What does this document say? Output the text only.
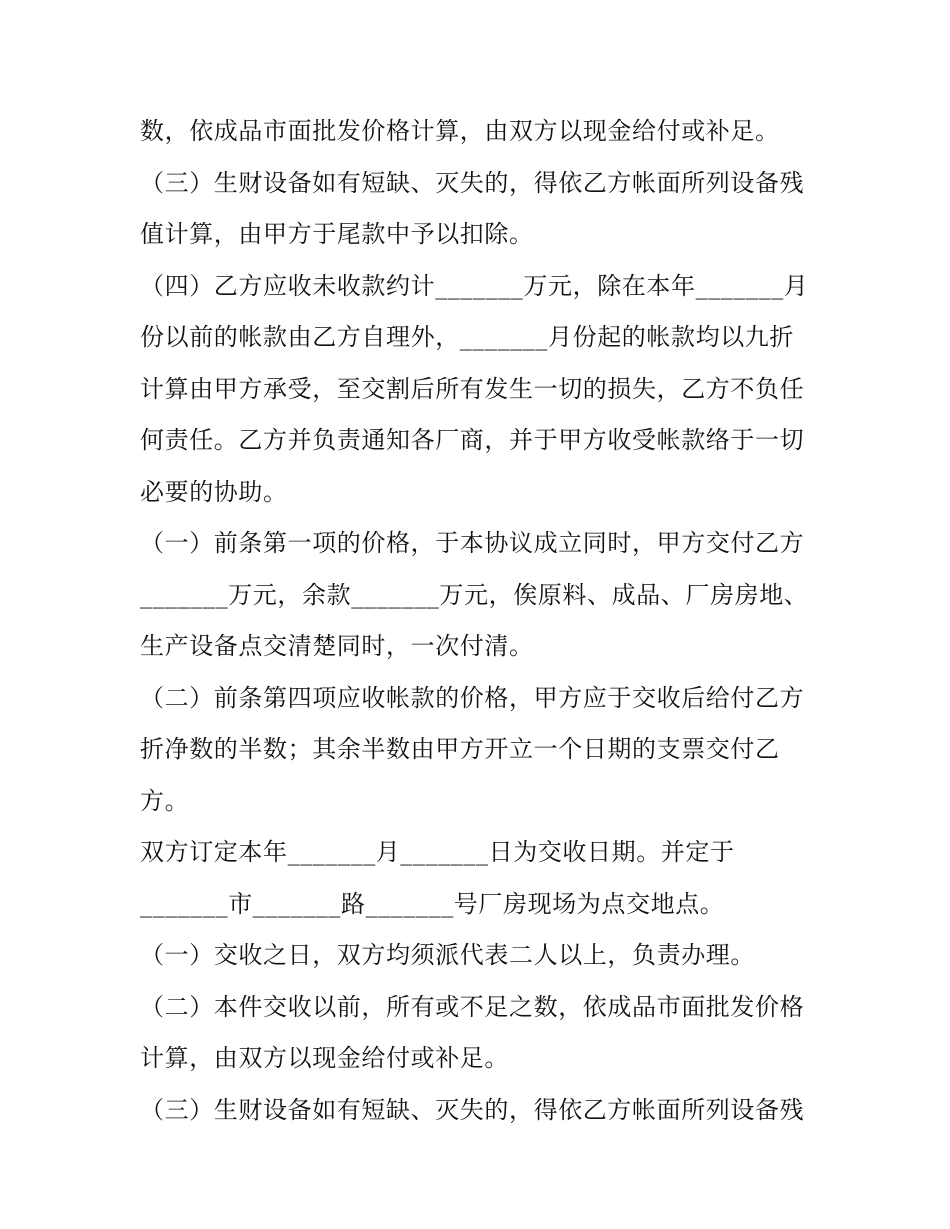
数，依成品市面批发价格计算，由双方以现金给付或补足。
（三）生财设备如有短缺、灭失的，得依乙方帐面所列设备残
值计算，由甲方于尾款中予以扣除。
（四）乙方应收未收款约计_______万元，除在本年_______月
份以前的帐款由乙方自理外，_______月份起的帐款均以九折
计算由甲方承受，至交割后所有发生一切的损失，乙方不负任
何责任。乙方并负责通知各厂商，并于甲方收受帐款络于一切
必要的协助。
（一）前条第一项的价格，于本协议成立同时，甲方交付乙方
_______万元，余款_______万元，俟原料、成品、厂房房地、
生产设备点交清楚同时，一次付清。
（二）前条第四项应收帐款的价格，甲方应于交收后给付乙方
折净数的半数；其余半数由甲方开立一个日期的支票交付乙
方。
双方订定本年_______月_______日为交收日期。并定于
_______市_______路_______号厂房现场为点交地点。
（一）交收之日，双方均须派代表二人以上，负责办理。
（二）本件交收以前，所有或不足之数，依成品市面批发价格
计算，由双方以现金给付或补足。
（三）生财设备如有短缺、灭失的，得依乙方帐面所列设备残
